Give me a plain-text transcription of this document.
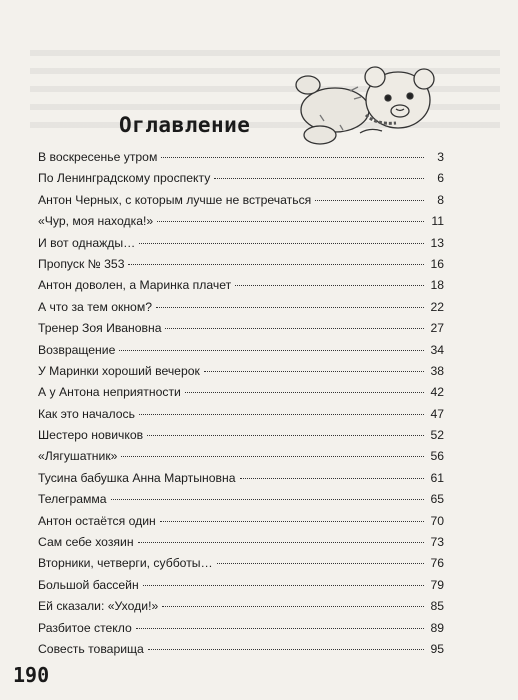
Оглавление
В воскресенье утром	3
По Ленинградскому проспекту	6
Антон Черных, с которым лучше не встречаться	8
«Чур, моя находка!»	11
И вот однажды…	13
Пропуск № 353	16
Антон доволен, а Маринка плачет	18
А что за тем окном?	22
Тренер Зоя Ивановна	27
Возвращение	34
У Маринки хороший вечерок	38
А у Антона неприятности	42
Как это началось	47
Шестеро новичков	52
«Лягушатник»	56
Тусина бабушка Анна Мартыновна	61
Телеграмма	65
Антон остаётся один	70
Сам себе хозяин	73
Вторники, четверги, субботы…	76
Большой бассейн	79
Ей сказали: «Уходи!»	85
Разбитое стекло	89
Совесть товарища	95
190
